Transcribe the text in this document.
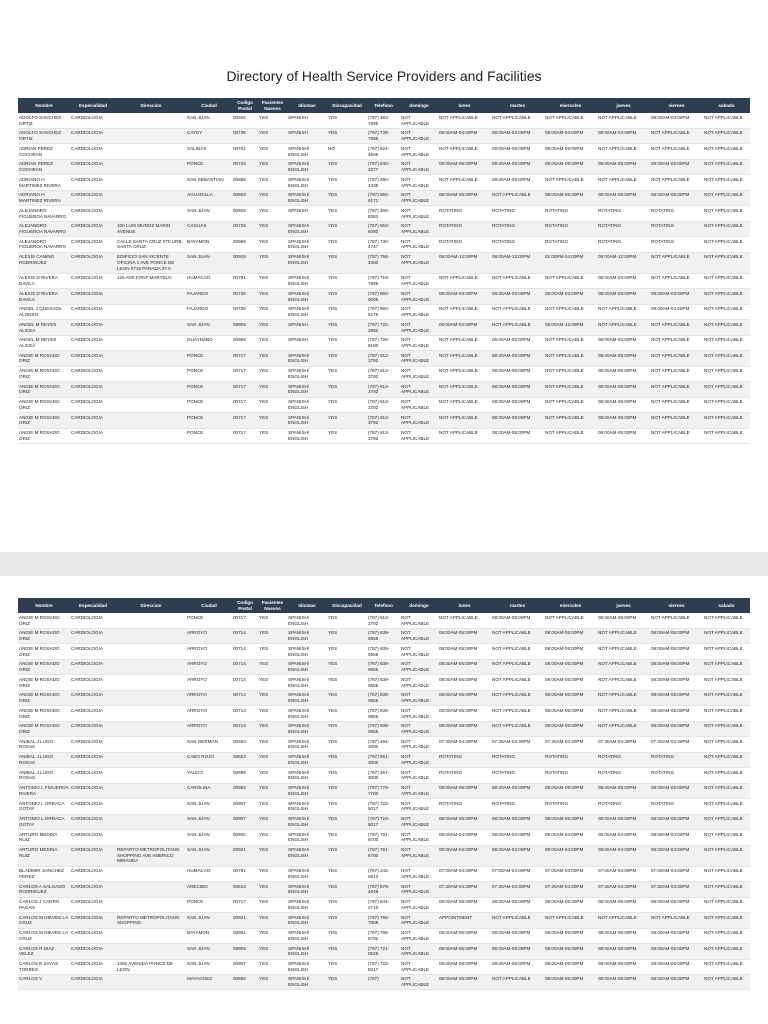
Directory of Health Service Providers and Facilities
Nombre	Especialidad	Direccion	Ciudad	Codigo Postal	Pacientes Nuevos	Idiomas	Discapacidad	Telefono	domingo	lunes	martes	miercoles	jueves	viernes	sabado
ADOLFO SANCHEZ ORTIZ	CARDIOLOGIA		SAN JUAN	00926	YES	SPANISH	YES	(787) 383-7595	NOT APPLICABLE	NOT APPLICABLE	NOT APPLICABLE	NOT APPLICABLE	NOT APPLICABLE	09:00AM-03:00PM	NOT APPLICABLE
ADOLFO SANCHEZ ORTIZ	CARDIOLOGIA		CAYEY	00736	YES	SPANISH	YES	(787) 738-7595	NOT APPLICABLE	08:00AM-04:00PM	08:00AM-04:00PM	08:00AM-04:00PM	08:00AM-04:00PM	NOT APPLICABLE	NOT APPLICABLE
ADRIAN PEREZ COCHRAN	CARDIOLOGIA		SALINAS	00751	YES	SPANISH/ ENGLISH	NO	(787) 824-4608	NOT APPLICABLE	NOT APPLICABLE	09:00AM-05:00PM	09:00AM-05:00PM	NOT APPLICABLE	NOT APPLICABLE	NOT APPLICABLE
ADRIAN PEREZ COCHRAN	CARDIOLOGIA		PONCE	00733	YES	SPANISH/ ENGLISH	YES	(787) 840-2277	NOT APPLICABLE	09:00AM-05:00PM	09:00AM-05:00PM	09:00AM-05:00PM	09:00AM-05:00PM	09:00AM-05:00PM	NOT APPLICABLE
ADRIANO H MARTINEZ RIVERA	CARDIOLOGIA		SAN SEBASTIAN	00685	YES	SPANISH/ ENGLISH	YES	(787) 280-4335	NOT APPLICABLE	NOT APPLICABLE	08:00AM-05:00PM	NOT APPLICABLE	NOT APPLICABLE	NOT APPLICABLE	NOT APPLICABLE
ADRIANO H MARTINEZ RIVERA	CARDIOLOGIA		AGUADILLA	00603	YES	SPANISH/ ENGLISH	YES	(787) 882-6171	NOT APPLICABLE	08:00AM-05:00PM	NOT APPLICABLE	08:00AM-05:00PM	08:00AM-05:00PM	08:00AM-05:00PM	NOT APPLICABLE
ALEJANDRO FIGUEROA NAVARRO	CARDIOLOGIA		SAN JUAN	00928	YES	SPANISH	YES	(787) 305-8383	NOT APPLICABLE	ROTATING	ROTATING	ROTATING	ROTATING	ROTATING	NOT APPLICABLE
ALEJANDRO FIGUEROA NAVARRO	CARDIOLOGIA	100 LUIS MUNOZ MARIN AVENUE	CAGUAS	00725	YES	SPANISH/ ENGLISH	YES	(787) 653-6060	NOT APPLICABLE	ROTATING	ROTATING	ROTATING	ROTATING	ROTATING	NOT APPLICABLE
ALEJANDRO FIGUEROA NAVARRO	CARDIOLOGIA	CALLE SANTA CRUZ #70 URB. SANTA CRUZ	BAYAMON	00959	YES	SPANISH/ ENGLISH	YES	(787) 740-4747	NOT APPLICABLE	ROTATING	ROTATING	ROTATING	ROTATING	ROTATING	NOT APPLICABLE
ALEXIS CANINO RODRIGUEZ	CARDIOLOGIA	EDIFICIO SAN VICENTE OFICINA 1 AVE PONCE DE LEON #715 PARADA 37.5	SAN JUAN	00918	YES	SPANISH/ ENGLISH	YES	(787) 758-2000	NOT APPLICABLE	09:00AM-12:00PM	09:00AM-12:00PM	01:00PM-04:00PM	09:00AM-12:00PM	NOT APPLICABLE	NOT APPLICABLE
ALEXIS D RIVERA DAVILA	CARDIOLOGIA	126 AVE FONT MARTELO	HUMACAO	00791	YES	SPANISH/ ENGLISH	YES	(787) 719-7888	NOT APPLICABLE	NOT APPLICABLE	NOT APPLICABLE	NOT APPLICABLE	08:00AM-03:00PM	NOT APPLICABLE	NOT APPLICABLE
ALEXIS D RIVERA DAVILA	CARDIOLOGIA		FAJARDO	00738	YES	SPANISH/ ENGLISH	YES	(787) 860-0005	NOT APPLICABLE	08:00AM-03:00PM	08:00AM-03:00PM	08:00AM-03:00PM	08:00AM-03:00PM	08:00AM-03:00PM	NOT APPLICABLE
ANGEL J QUESADA ALONSO	CARDIOLOGIA		FAJARDO	00738	YES	SPANISH/ ENGLISH	YES	(787) 860-8178	NOT APPLICABLE	NOT APPLICABLE	NOT APPLICABLE	NOT APPLICABLE	NOT APPLICABLE	09:00AM-04:00PM	NOT APPLICABLE
ANGEL M REYES ALICEA	CARDIOLOGIA		SAN JUAN	00909	YES	SPANISH	YES	(787) 722-2992	NOT APPLICABLE	06:00AM-02:00PM	NOT APPLICABLE	06:00AM-12:00PM	NOT APPLICABLE	NOT APPLICABLE	NOT APPLICABLE
ANGEL M REYES ALICEA	CARDIOLOGIA		GUAYNABO	00969	YES	SPANISH	YES	(787) 720-9190	NOT APPLICABLE	NOT APPLICABLE	06:00AM-02:00PM	NOT APPLICABLE	06:00AM-02:00PM	NOT APPLICABLE	NOT APPLICABLE
ANGIE M ROSADO ORIZ	CARDIOLOGIA		PONCE	00717	YES	SPANISH/ ENGLISH	YES	(787) 812-3792	NOT APPLICABLE	NOT APPLICABLE	08:00AM-05:00PM	NOT APPLICABLE	08:00AM-05:00PM	NOT APPLICABLE	NOT APPLICABLE
ANGIE M ROSADO ORIZ	CARDIOLOGIA		PONCE	00717	YES	SPANISH/ ENGLISH	YES	(787) 812-3792	NOT APPLICABLE	NOT APPLICABLE	08:00AM-05:00PM	NOT APPLICABLE	08:00AM-05:00PM	NOT APPLICABLE	NOT APPLICABLE
ANGIE M ROSADO ORIZ	CARDIOLOGIA		PONCE	00717	YES	SPANISH/ ENGLISH	YES	(787) 812-3792	NOT APPLICABLE	NOT APPLICABLE	08:00AM-05:00PM	NOT APPLICABLE	08:00AM-05:00PM	NOT APPLICABLE	NOT APPLICABLE
ANGIE M ROSADO ORIZ	CARDIOLOGIA		PONCE	00717	YES	SPANISH/ ENGLISH	YES	(787) 812-3792	NOT APPLICABLE	NOT APPLICABLE	08:00AM-05:00PM	NOT APPLICABLE	08:00AM-05:00PM	NOT APPLICABLE	NOT APPLICABLE
ANGIE M ROSADO ORIZ	CARDIOLOGIA		PONCE	00717	YES	SPANISH/ ENGLISH	YES	(787) 812-3792	NOT APPLICABLE	NOT APPLICABLE	08:00AM-05:00PM	NOT APPLICABLE	08:00AM-05:00PM	NOT APPLICABLE	NOT APPLICABLE
ANGIE M ROSADO ORIZ	CARDIOLOGIA		PONCE	00717	YES	SPANISH/ ENGLISH	YES	(787) 813-3792	NOT APPLICABLE	NOT APPLICABLE	08:00AM-05:00PM	NOT APPLICABLE	08:00AM-05:00PM	NOT APPLICABLE	NOT APPLICABLE
Nombre	Especialidad	Direccion	Ciudad	Codigo Postal	Pacientes Nuevos	Idiomas	Discapacidad	Telefono	domingo	lunes	martes	miercoles	jueves	viernes	sabado
ANGIE M ROSADO ORIZ	CARDIOLOGIA		PONCE	00717	YES	SPANISH/ ENGLISH	YES	(787) 812-3792	NOT APPLICABLE	NOT APPLICABLE	08:00AM-05:00PM	NOT APPLICABLE	08:00AM-05:00PM	NOT APPLICABLE	NOT APPLICABLE
ANGIE M ROSADO ORIZ	CARDIOLOGIA		ARROYO	00714	YES	SPANISH/ ENGLISH	YES	(787) 839-0655	NOT APPLICABLE	08:00AM-05:00PM	NOT APPLICABLE	08:00AM-05:00PM	NOT APPLICABLE	08:00AM-05:00PM	NOT APPLICABLE
ANGIE M ROSADO ORIZ	CARDIOLOGIA		ARROYO	00714	YES	SPANISH/ ENGLISH	YES	(787) 839-0655	NOT APPLICABLE	08:00AM-05:00PM	NOT APPLICABLE	08:00AM-05:00PM	NOT APPLICABLE	08:00AM-05:00PM	NOT APPLICABLE
ANGIE M ROSADO ORIZ	CARDIOLOGIA		ARROYO	00714	YES	SPANISH/ ENGLISH	YES	(787) 839-0655	NOT APPLICABLE	08:00AM-05:00PM	NOT APPLICABLE	08:00AM-05:00PM	NOT APPLICABLE	08:00AM-05:00PM	NOT APPLICABLE
ANGIE M ROSADO ORIZ	CARDIOLOGIA		ARROYO	00714	YES	SPANISH/ ENGLISH	YES	(787) 839-0655	NOT APPLICABLE	08:00AM-05:00PM	NOT APPLICABLE	08:00AM-05:00PM	NOT APPLICABLE	08:00AM-05:00PM	NOT APPLICABLE
ANGIE M ROSADO ORIZ	CARDIOLOGIA		ARROYO	00714	YES	SPANISH/ ENGLISH	YES	(787) 839-0655	NOT APPLICABLE	08:00AM-05:00PM	NOT APPLICABLE	08:00AM-05:00PM	NOT APPLICABLE	08:00AM-05:00PM	NOT APPLICABLE
ANGIE M ROSADO ORIZ	CARDIOLOGIA		ARROYO	00714	YES	SPANISH/ ENGLISH	YES	(787) 839-0655	NOT APPLICABLE	08:00AM-05:00PM	NOT APPLICABLE	08:00AM-05:00PM	NOT APPLICABLE	08:00AM-05:00PM	NOT APPLICABLE
ANGIE M ROSADO ORIZ	CARDIOLOGIA		ARROYO	00714	YES	SPANISH/ ENGLISH	YES	(787) 839-0655	NOT APPLICABLE	08:00AM-05:00PM	NOT APPLICABLE	08:00AM-05:00PM	NOT APPLICABLE	08:00AM-05:00PM	NOT APPLICABLE
ANIBAL J LUGO ROSAS	CARDIOLOGIA		SAN GERMAN	00683	YES	SPANISH/ ENGLISH	YES	(787) 264-3000	NOT APPLICABLE	07:30AM-04:30PM	07:30AM-04:30PM	07:30AM-04:30PM	07:30AM-04:30PM	07:30AM-04:30PM	NOT APPLICABLE
ANIBAL J LUGO ROSAS	CARDIOLOGIA		CABO ROJO	00623	YES	SPANISH/ ENGLISH	YES	(787) 851-3000	NOT APPLICABLE	ROTATING	ROTATING	ROTATING	ROTATING	ROTATING	NOT APPLICABLE
ANIBAL J LUGO ROSAS	CARDIOLOGIA		YAUCO	00698	YES	SPANISH/ ENGLISH	YES	(787) 267-3000	NOT APPLICABLE	ROTATING	ROTATING	ROTATING	ROTATING	ROTATING	NOT APPLICABLE
ANTONIO L FIGUEROA RIVERA	CARDIOLOGIA		CAROLINA	00983	YES	SPANISH/ ENGLISH	YES	(787) 776-7700	NOT APPLICABLE	08:00AM-05:00PM	08:00AM-05:00PM	08:00AM-05:00PM	08:00AM-05:00PM	08:00AM-05:00PM	NOT APPLICABLE
ANTONIO L ORRACA GOTAY	CARDIOLOGIA		SAN JUAN	00907	YES	SPANISH/ ENGLISH	YES	(787) 723-5017	NOT APPLICABLE	ROTATING	ROTATING	ROTATING	ROTATING	ROTATING	NOT APPLICABLE
ANTONIO L ORRACA GOTAY	CARDIOLOGIA		SAN JUAN	00907	YES	SPANISH/ ENGLISH	YES	(787) 723-5017	NOT APPLICABLE	08:00AM-05:00PM	08:00AM-05:00PM	08:00AM-05:00PM	08:00AM-05:00PM	08:00AM-05:00PM	NOT APPLICABLE
ARTURO MEDINA RUIZ	CARDIOLOGIA		SAN JUAN	00920	YES	SPANISH/ ENGLISH	YES	(787) 781-6700	NOT APPLICABLE	09:00AM-04:00PM	09:00AM-04:00PM	09:00AM-04:00PM	09:00AM-04:00PM	09:00AM-04:00PM	NOT APPLICABLE
ARTURO MEDINA RUIZ	CARDIOLOGIA	REPARTO METROPOLITANO SHOPPING AVE AMERICO MIRANDA	SAN JUAN	00921	YES	SPANISH/ ENGLISH	YES	(787) 781-6700	NOT APPLICABLE	09:00AM-04:00PM	09:00AM-04:00PM	09:00AM-04:00PM	09:00AM-04:00PM	09:00AM-04:00PM	NOT APPLICABLE
BLADIMIR SANCHEZ PEREZ	CARDIOLOGIA		HUMACAO	00791	YES	SPANISH/ ENGLISH	YES	(787) 242-0513	NOT APPLICABLE	07:00AM-04:00PM	07:00AM-04:00PM	07:00AM-04:00PM	07:00AM-04:00PM	07:00AM-04:00PM	NOT APPLICABLE
CARLOS A SALGADO RODRIGUEZ	CARDIOLOGIA		ARECIBO	00613	YES	SPANISH/ ENGLISH	YES	(787) 879-4648	NOT APPLICABLE	07:30AM-04:30PM	07:30AM-04:30PM	07:30AM-04:30PM	07:30AM-04:30PM	07:30AM-04:30PM	NOT APPLICABLE
CARLOS J CARRO PAGAN	CARDIOLOGIA		PONCE	00717	YES	SPANISH/ ENGLISH	YES	(787) 844-2710	NOT APPLICABLE	08:00AM-05:00PM	08:00AM-05:00PM	08:00AM-05:00PM	08:00AM-05:00PM	08:00AM-05:00PM	NOT APPLICABLE
CARLOS M NIEVES LA CRUZ	CARDIOLOGIA	REPARTO METROPOLITANO SHOPPING	SAN JUAN	00921	YES	SPANISH/ ENGLISH	YES	(787) 758-7908	NOT APPLICABLE	APPOINTMENT	NOT APPLICABLE	NOT APPLICABLE	NOT APPLICABLE	NOT APPLICABLE	NOT APPLICABLE
CARLOS M NIEVES LA CRUZ	CARDIOLOGIA		BAYAMON	00961	YES	SPANISH/ ENGLISH	YES	(787) 786-6792	NOT APPLICABLE	08:00AM-05:00PM	08:00AM-05:00PM	08:00AM-05:00PM	08:00AM-05:00PM	08:00AM-05:00PM	NOT APPLICABLE
CARLOS R DIAZ VELEZ	CARDIOLOGIA		SAN JUAN	00909	YES	SPANISH/ ENGLISH	YES	(787) 721-0525	NOT APPLICABLE	08:00AM-05:00PM	08:00AM-05:00PM	08:00AM-05:00PM	08:00AM-05:00PM	08:00AM-05:00PM	NOT APPLICABLE
CARLOS R ZAYAS TORRES	CARDIOLOGIA	1492 AVENIDA PONCE DE LEON	SAN JUAN	00907	YES	SPANISH/ ENGLISH	YES	(787) 723-5017	NOT APPLICABLE	08:00AM-06:00PM	08:00AM-06:00PM	08:00AM-06:00PM	08:00AM-06:00PM	08:00AM-06:00PM	NOT APPLICABLE
CARLOS V	CARDIOLOGIA		MAYAGUEZ	00680	YES	SPANISH/ ENGLISH	YES	(787)	NOT APPLICABLE	08:00AM-05:00PM	NOT APPLICABLE	08:00AM-05:00PM	08:00AM-05:00PM	08:00AM-05:00PM	NOT APPLICABLE
